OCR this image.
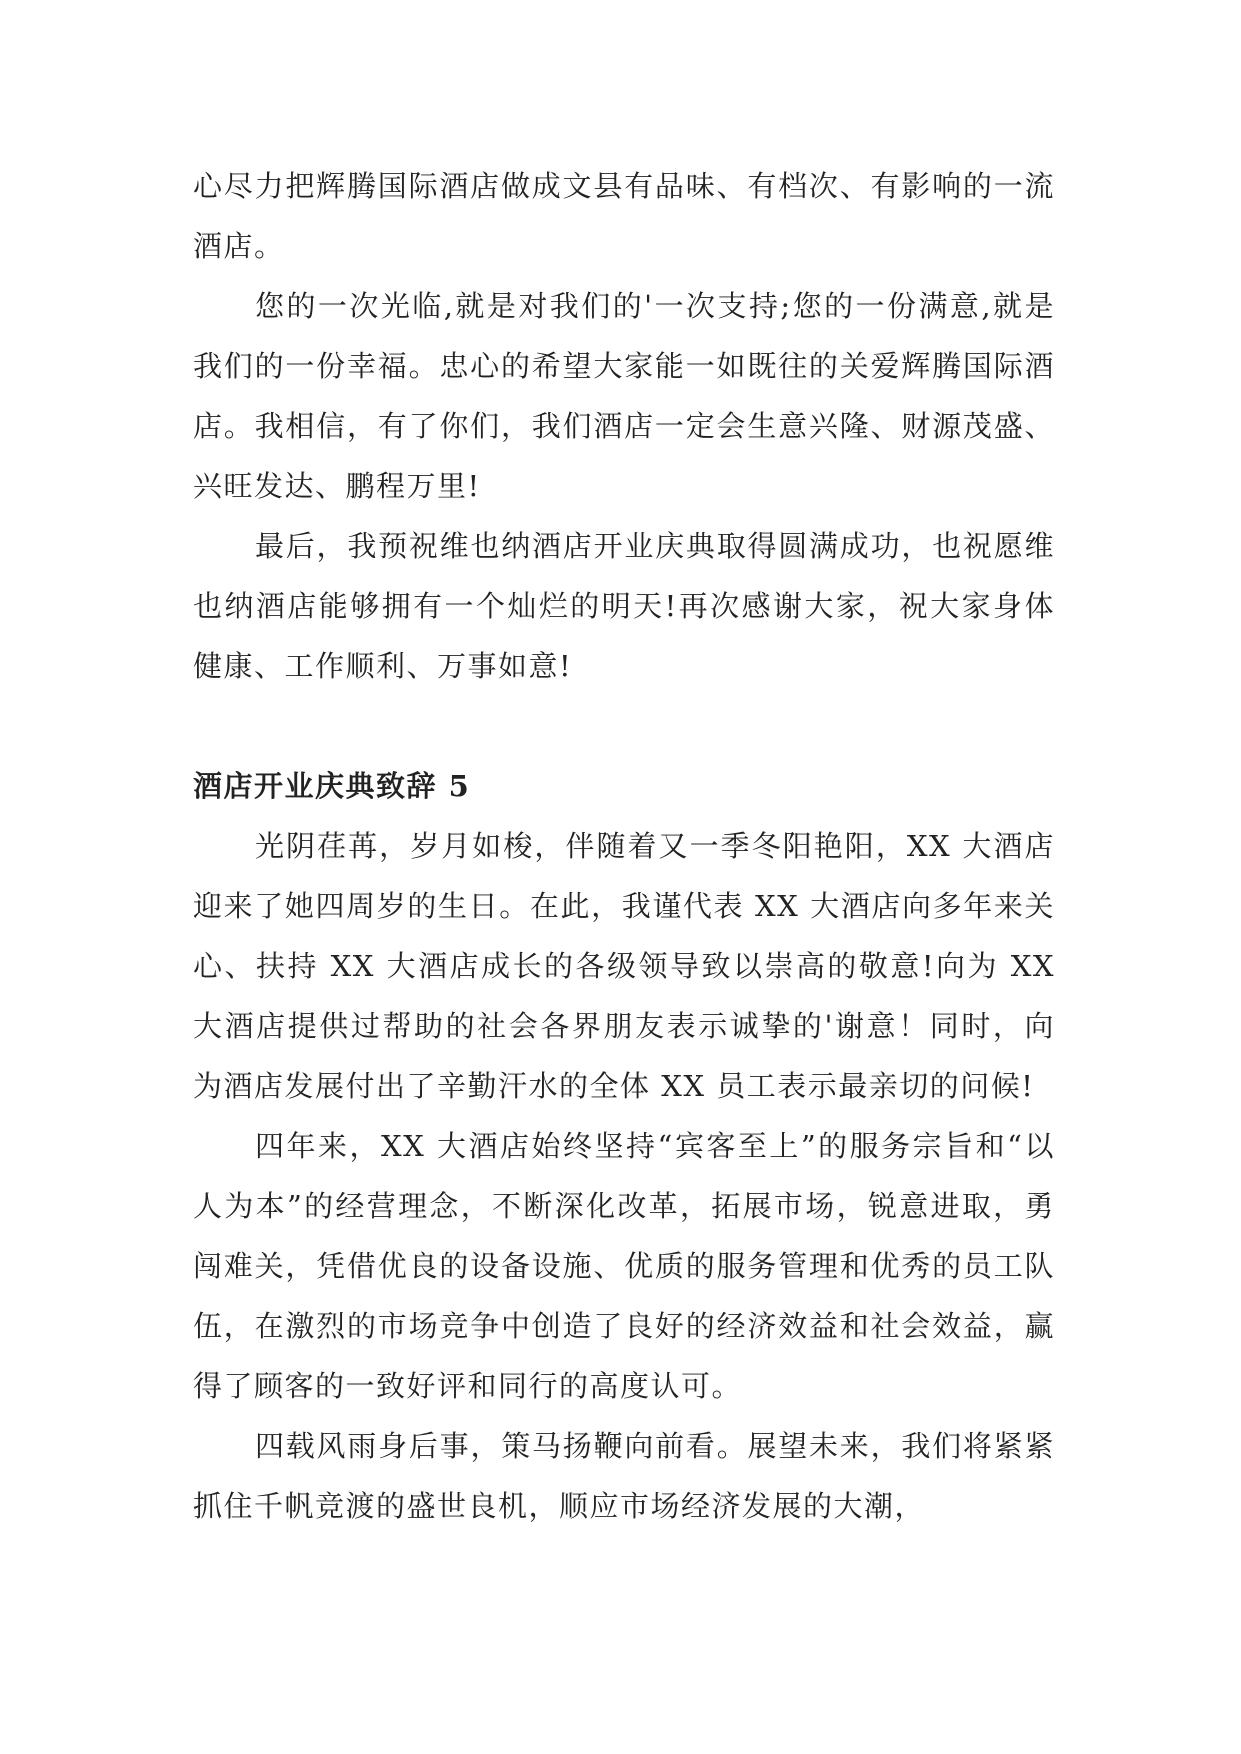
心尽力把辉腾国际酒店做成文县有品味、有档次、有影响的一流酒店。

您的一次光临,就是对我们的'一次支持;您的一份满意,就是我们的一份幸福。忠心的希望大家能一如既往的关爱辉腾国际酒店。我相信，有了你们，我们酒店一定会生意兴隆、财源茂盛、兴旺发达、鹏程万里!

最后，我预祝维也纳酒店开业庆典取得圆满成功，也祝愿维也纳酒店能够拥有一个灿烂的明天!再次感谢大家，祝大家身体健康、工作顺利、万事如意!

酒店开业庆典致辞 5

光阴荏苒，岁月如梭，伴随着又一季冬阳艳阳，XX 大酒店迎来了她四周岁的生日。在此，我谨代表 XX 大酒店向多年来关心、扶持 XX 大酒店成长的各级领导致以崇高的敬意!向为 XX 大酒店提供过帮助的社会各界朋友表示诚挚的'谢意！同时，向为酒店发展付出了辛勤汗水的全体 XX 员工表示最亲切的问候!

四年来，XX 大酒店始终坚持“宾客至上”的服务宗旨和“以人为本”的经营理念，不断深化改革，拓展市场，锐意进取，勇闯难关，凭借优良的设备设施、优质的服务管理和优秀的员工队伍，在激烈的市场竞争中创造了良好的经济效益和社会效益，赢得了顾客的一致好评和同行的高度认可。

四载风雨身后事，策马扬鞭向前看。展望未来，我们将紧紧抓住千帆竞渡的盛世良机，顺应市场经济发展的大潮，
